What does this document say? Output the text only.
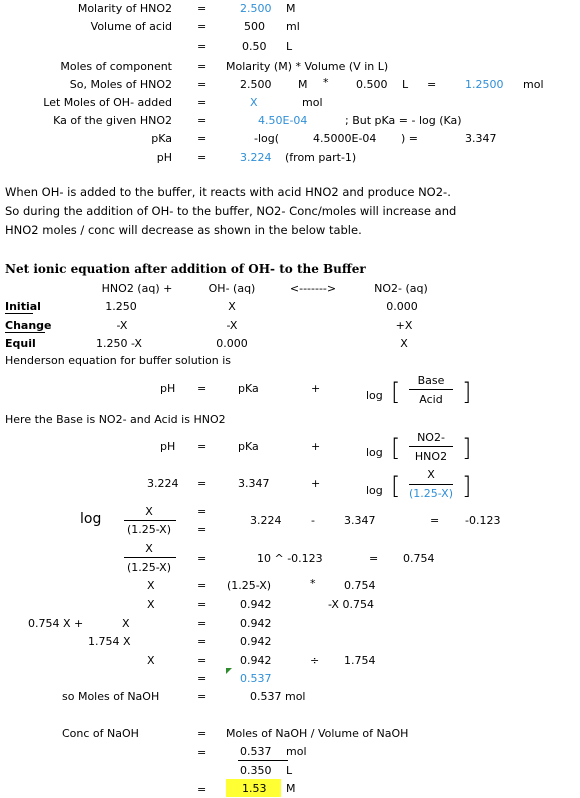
Molarity of HNO2 =	2.500 M
Volume of acid =	500 ml
=	0.50 L
Moles of component = Molarity (M) * Volume (V in L)
So, Moles of HNO2 =	2.500 M *	0.500 L =	1.2500 mol
Let Moles of OH- added =	X	mol
Ka of the given HNO2 =	4.50E-04	; But pKa = - log (Ka)
pKa =	-log(	4.5000E-04 ) =	3.347
pH =	3.224 (from part-1)
When OH- is added to the buffer, it reacts with acid HNO2 and produce NO2-.
So during the addition of OH- to the buffer, NO2- Conc/moles will increase and
HNO2 moles / conc will decrease as shown in the below table.
Net ionic equation after addition of OH- to the Buffer
HNO2 (aq) +	OH- (aq)	<------->	NO2- (aq)
Initial	1.250	X	0.000
Change	-X	-X	+X
Equil	1.250 -X	0.000	X
Henderson equation for buffer solution is
pH =	pKa	+
log [ Base
Acid ]
Here the Base is NO2- and Acid is HNO2
pH =	pKa	+	log [ NO2-
HNO2 ]
3.224 =	3.347	+
log [ X
(1.25-X) ]
log	X
(1.25-X)
=
=
3.224	-	3.347	= -0.123
X
(1.25-X)
=	10 ^ -0.123	= 0.754
X	= (1.25-X)	*	0.754
X	=	0.942	-X 0.754
0.754 X +	X	=	0.942
1.754 X	=	0.942
X	=	0.942	÷ 1.754
=	0.537
so Moles of NaOH	=	0.537 mol
Conc of NaOH	= Moles of NaOH / Volume of NaOH
=	0.537 mol
0.350 L
=	1.53 M
